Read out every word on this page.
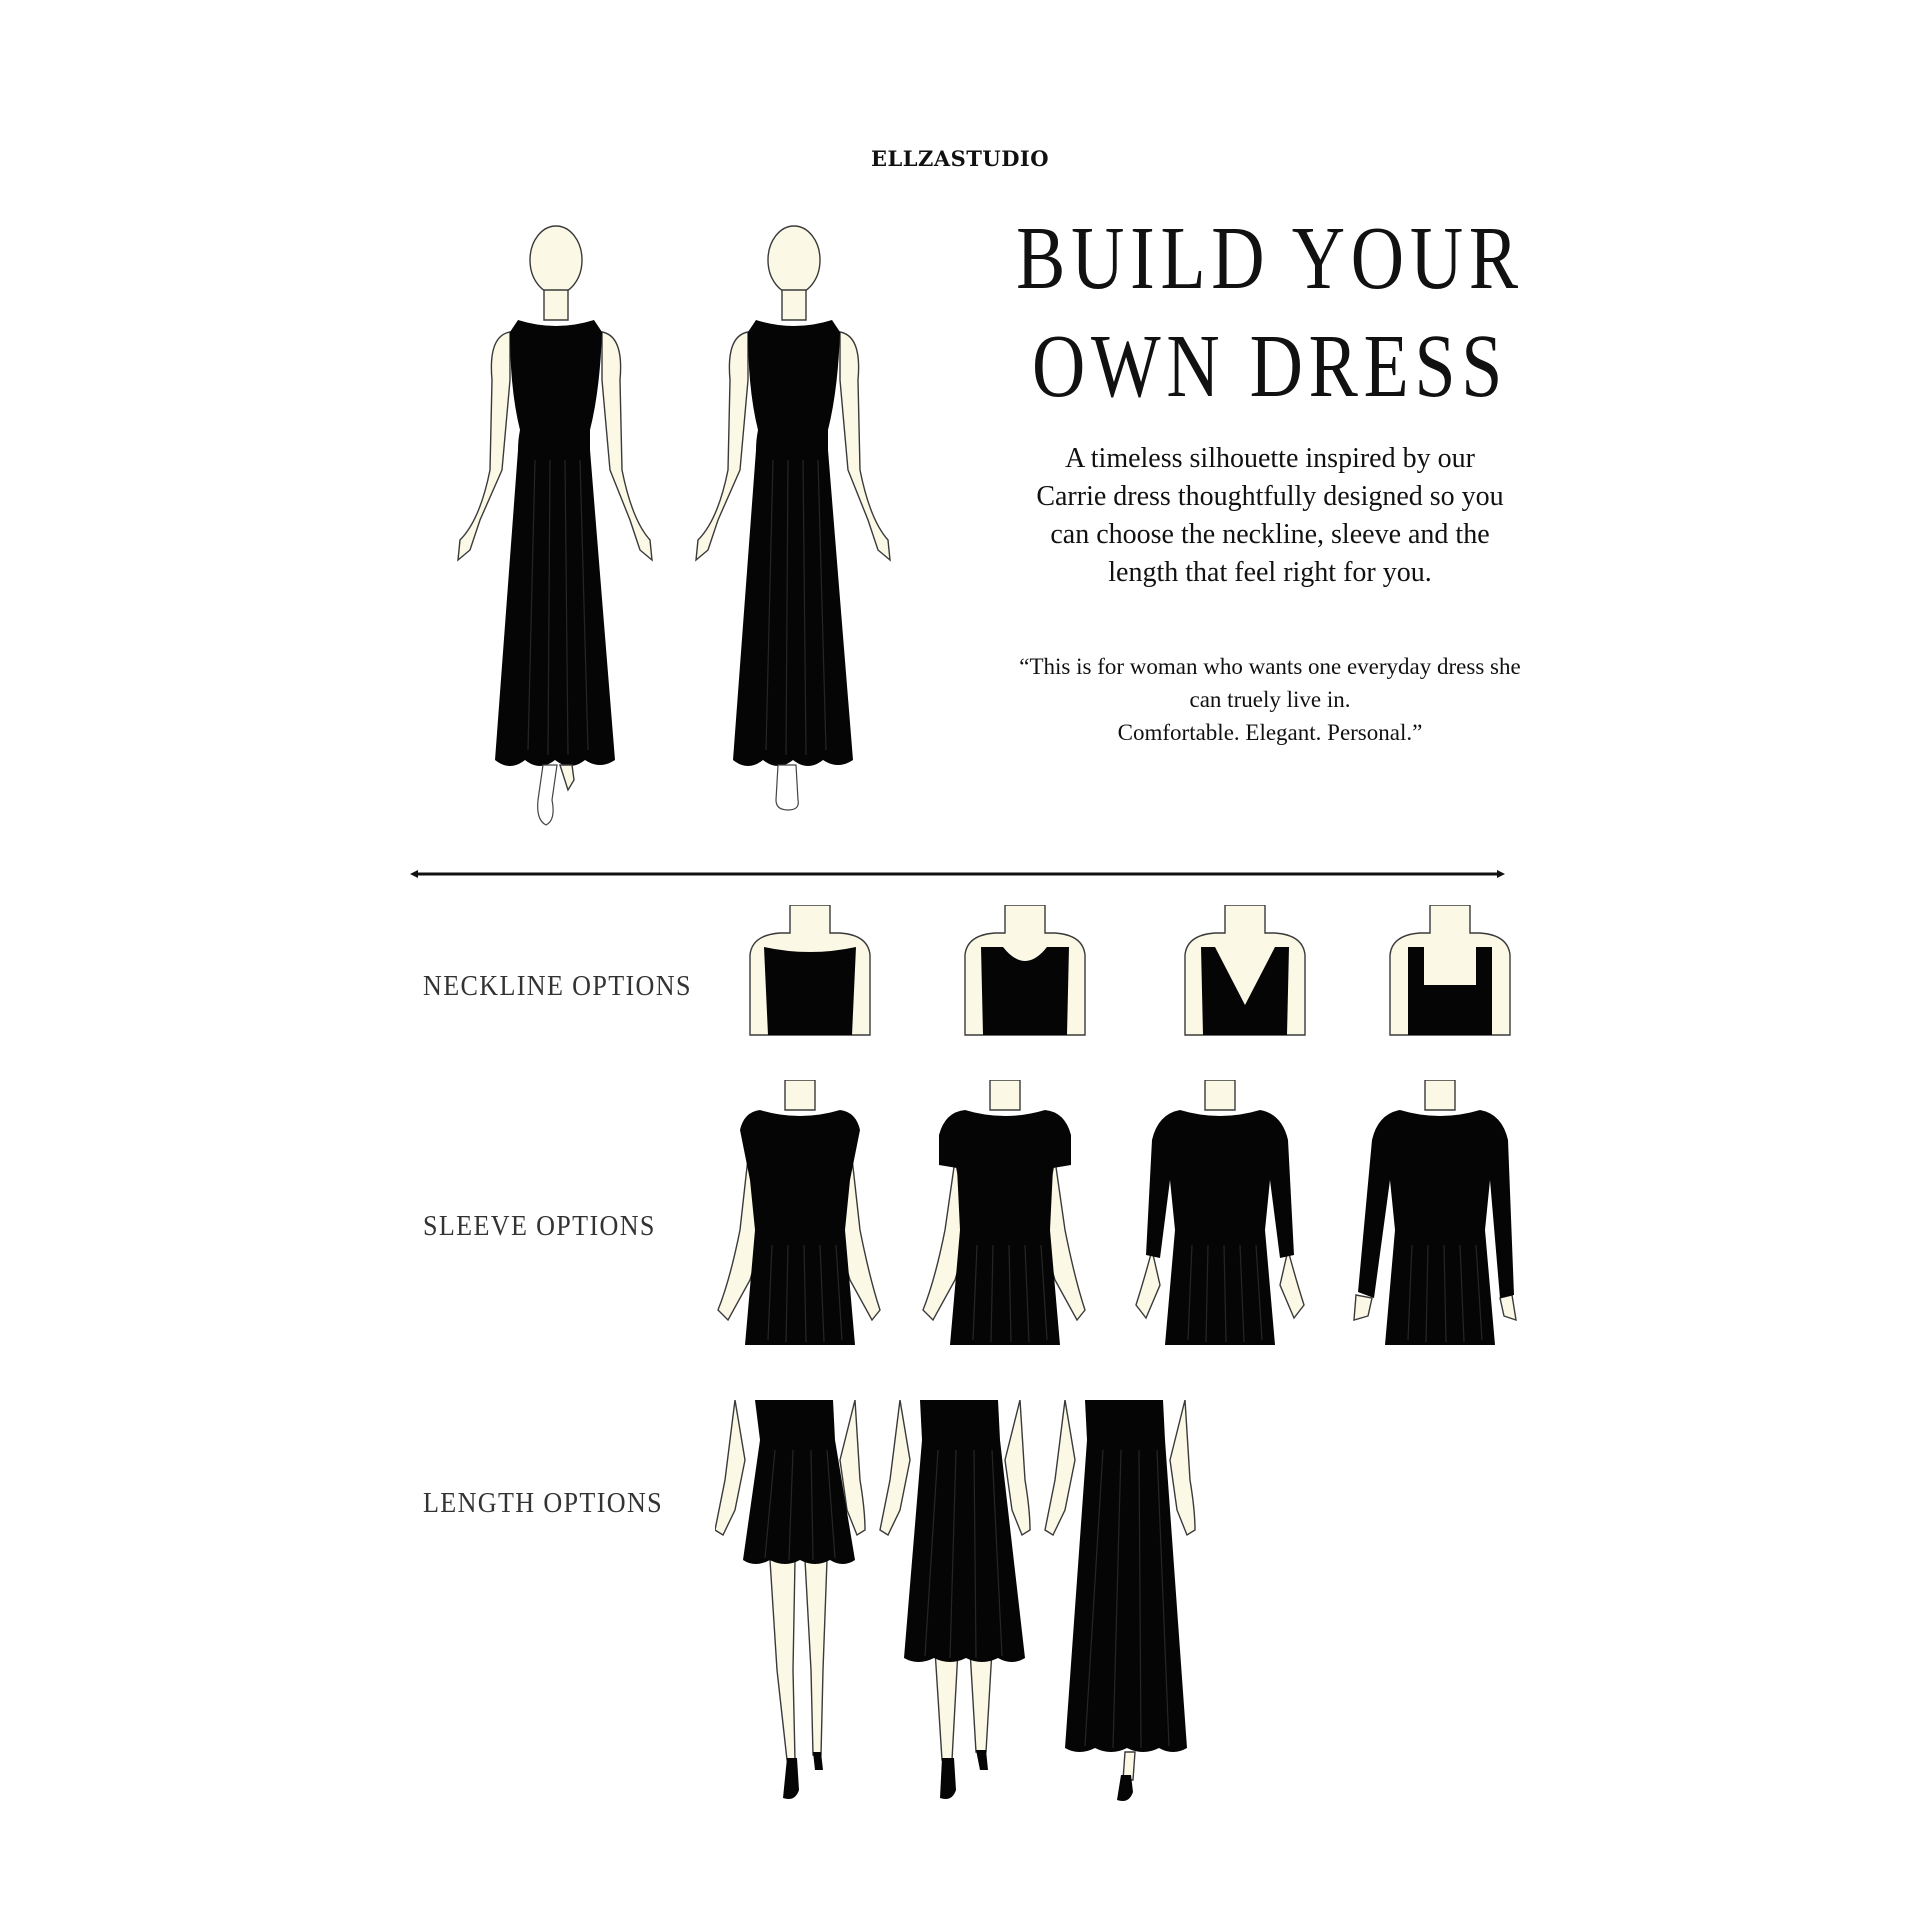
ELLZASTUDIO
BUILD YOUR
OWN DRESS
A timeless silhouette inspired by our
Carrie dress thoughtfully designed so you
can choose the neckline, sleeve and the
length that feel right for you.
“This is for woman who wants one everyday dress she
can truely live in.
Comfortable. Elegant. Personal.”
NECKLINE OPTIONS
SLEEVE OPTIONS
LENGTH OPTIONS
